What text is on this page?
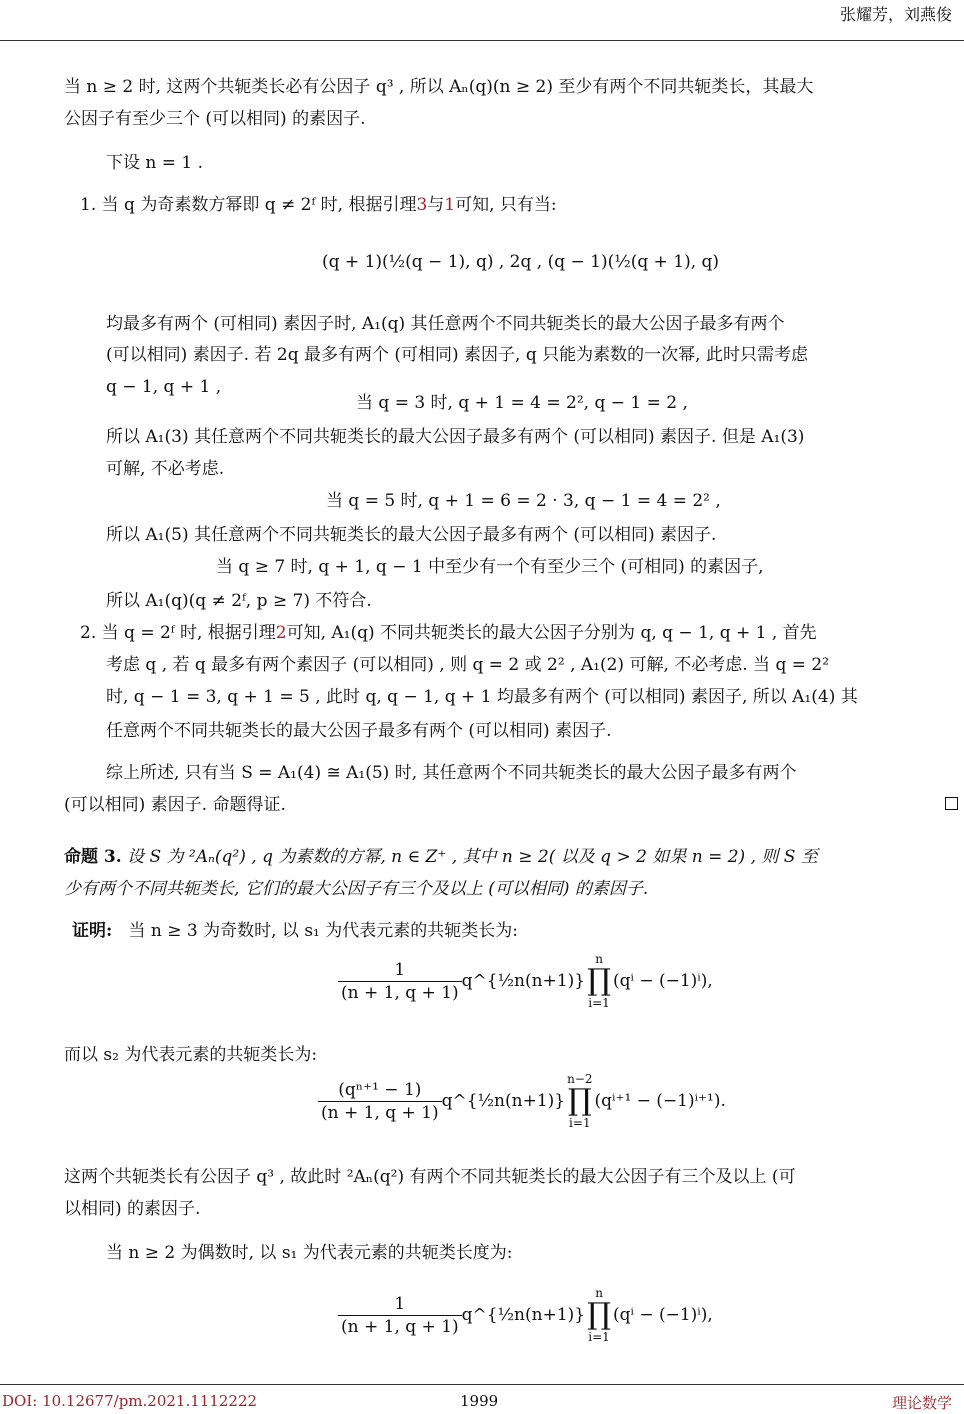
张耀芳，刘燕俊
当 n ≥ 2 时, 这两个共轭类长必有公因子 q³ , 所以 Aₙ(q)(n ≥ 2) 至少有两个不同共轭类长，其最大
公因子有至少三个 (可以相同) 的素因子.
下设 n = 1 .
1. 当 q 为奇素数方幂即 q ≠ 2ᶠ 时, 根据引理3与1可知, 只有当:
(q + 1)(½(q − 1), q) , 2q , (q − 1)(½(q + 1), q)
均最多有两个 (可相同) 素因子时, A₁(q) 其任意两个不同共轭类长的最大公因子最多有两个
(可以相同) 素因子. 若 2q 最多有两个 (可相同) 素因子, q 只能为素数的一次幂, 此时只需考虑
q − 1, q + 1 ,
当 q = 3 时, q + 1 = 4 = 2², q − 1 = 2 ,
所以 A₁(3) 其任意两个不同共轭类长的最大公因子最多有两个 (可以相同) 素因子. 但是 A₁(3)
可解, 不必考虑.
当 q = 5 时, q + 1 = 6 = 2 · 3, q − 1 = 4 = 2² ,
所以 A₁(5) 其任意两个不同共轭类长的最大公因子最多有两个 (可以相同) 素因子.
当 q ≥ 7 时, q + 1, q − 1 中至少有一个有至少三个 (可相同) 的素因子,
所以 A₁(q)(q ≠ 2ᶠ, p ≥ 7) 不符合.
2. 当 q = 2ᶠ 时, 根据引理2可知, A₁(q) 不同共轭类长的最大公因子分别为 q, q − 1, q + 1 , 首先
考虑 q , 若 q 最多有两个素因子 (可以相同) , 则 q = 2 或 2² , A₁(2) 可解, 不必考虑. 当 q = 2²
时, q − 1 = 3, q + 1 = 5 , 此时 q, q − 1, q + 1 均最多有两个 (可以相同) 素因子, 所以 A₁(4) 其
任意两个不同共轭类长的最大公因子最多有两个 (可以相同) 素因子.
综上所述, 只有当 S = A₁(4) ≅ A₁(5) 时, 其任意两个不同共轭类长的最大公因子最多有两个
(可以相同) 素因子. 命题得证.
命题 3. 设 S 为 ²Aₙ(q²) , q 为素数的方幂, n ∈ Z⁺ , 其中 n ≥ 2( 以及 q > 2 如果 n = 2) , 则 S 至
少有两个不同共轭类长, 它们的最大公因子有三个及以上 (可以相同) 的素因子.
证明: 当 n ≥ 3 为奇数时, 以 s₁ 为代表元素的共轭类长为:
$\frac{1}{(n + 1, q + 1)}$ q^{½n(n+1)}n
∏
i=1(qⁱ − (−1)ⁱ),
而以 s₂ 为代表元素的共轭类长为:
$\frac{\text{(qⁿ⁺¹ − 1)}}{(n + 1, q + 1)}$ q^{½n(n+1)}n−2
∏
i=1(qⁱ⁺¹ − (−1)ⁱ⁺¹).
这两个共轭类长有公因子 q³ , 故此时 ²Aₙ(q²) 有两个不同共轭类长的最大公因子有三个及以上 (可
以相同) 的素因子.
当 n ≥ 2 为偶数时, 以 s₁ 为代表元素的共轭类长度为:
$\frac{1}{(n + 1, q + 1)}$ q^{½n(n+1)}n
∏
i=1(qⁱ − (−1)ⁱ),
DOI: 10.12677/pm.2021.1112222	1999	理论数学
